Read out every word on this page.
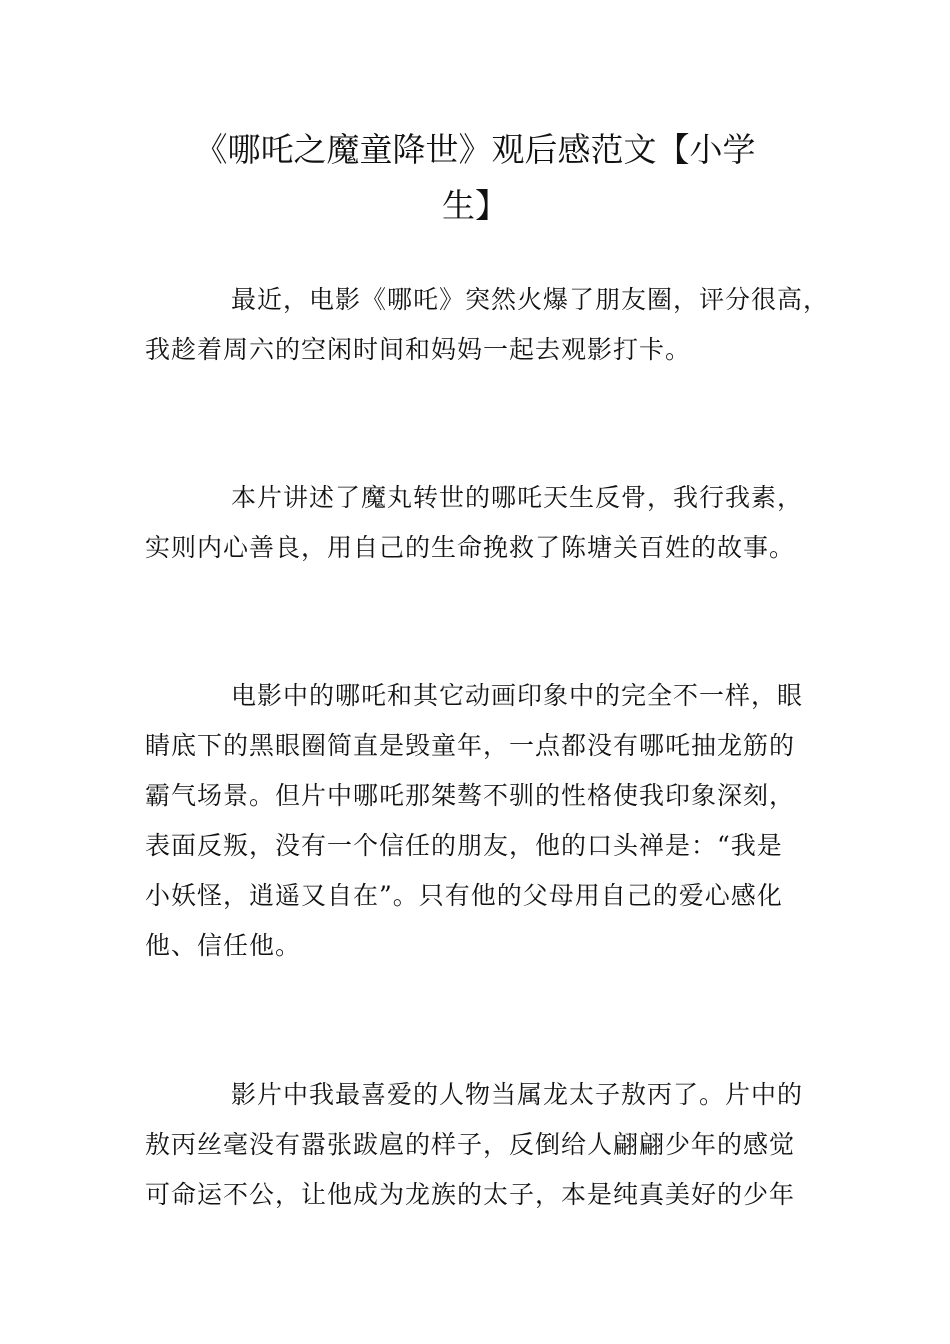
《哪吒之魔童降世》观后感范文【小学
生】

最近，电影《哪吒》突然火爆了朋友圈，评分很高，
我趁着周六的空闲时间和妈妈一起去观影打卡。

本片讲述了魔丸转世的哪吒天生反骨，我行我素，
实则内心善良，用自己的生命挽救了陈塘关百姓的故事。

电影中的哪吒和其它动画印象中的完全不一样，眼
睛底下的黑眼圈简直是毁童年，一点都没有哪吒抽龙筋的
霸气场景。但片中哪吒那桀骜不驯的性格使我印象深刻，
表面反叛，没有一个信任的朋友，他的口头禅是：“我是
小妖怪，逍遥又自在”。只有他的父母用自己的爱心感化
他、信任他。

影片中我最喜爱的人物当属龙太子敖丙了。片中的
敖丙丝毫没有嚣张跋扈的样子，反倒给人翩翩少年的感觉
可命运不公，让他成为龙族的太子，本是纯真美好的少年
